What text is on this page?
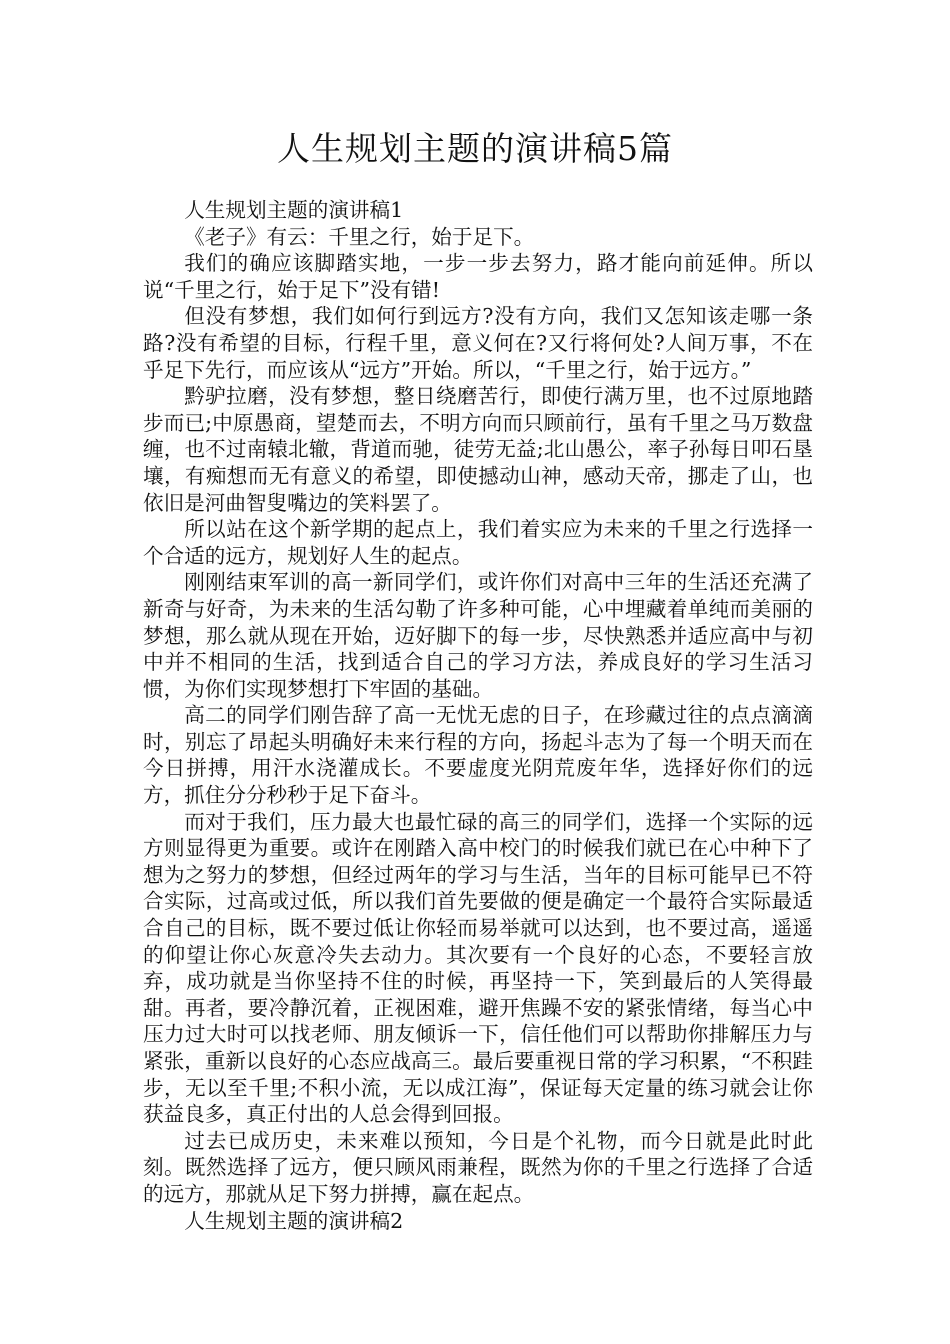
人生规划主题的演讲稿5篇

人生规划主题的演讲稿1

《老子》有云：千里之行，始于足下。

我们的确应该脚踏实地，一步一步去努力，路才能向前延伸。所以说“千里之行，始于足下”没有错!

但没有梦想，我们如何行到远方?没有方向，我们又怎知该走哪一条路?没有希望的目标，行程千里，意义何在?又行将何处?人间万事，不在乎足下先行，而应该从“远方”开始。所以，“千里之行，始于远方。”

黔驴拉磨，没有梦想，整日绕磨苦行，即使行满万里，也不过原地踏步而已;中原愚商，望楚而去，不明方向而只顾前行，虽有千里之马万数盘缠，也不过南辕北辙，背道而驰，徒劳无益;北山愚公，率子孙每日叩石垦壤，有痴想而无有意义的希望，即使撼动山神，感动天帝，挪走了山，也依旧是河曲智叟嘴边的笑料罢了。

所以站在这个新学期的起点上，我们着实应为未来的千里之行选择一个合适的远方，规划好人生的起点。

刚刚结束军训的高一新同学们，或许你们对高中三年的生活还充满了新奇与好奇，为未来的生活勾勒了许多种可能，心中埋藏着单纯而美丽的梦想，那么就从现在开始，迈好脚下的每一步，尽快熟悉并适应高中与初中并不相同的生活，找到适合自己的学习方法，养成良好的学习生活习惯，为你们实现梦想打下牢固的基础。

高二的同学们刚告辞了高一无忧无虑的日子，在珍藏过往的点点滴滴时，别忘了昂起头明确好未来行程的方向，扬起斗志为了每一个明天而在今日拼搏，用汗水浇灌成长。不要虚度光阴荒废年华，选择好你们的远方，抓住分分秒秒于足下奋斗。

而对于我们，压力最大也最忙碌的高三的同学们，选择一个实际的远方则显得更为重要。或许在刚踏入高中校门的时候我们就已在心中种下了想为之努力的梦想，但经过两年的学习与生活，当年的目标可能早已不符合实际，过高或过低，所以我们首先要做的便是确定一个最符合实际最适合自己的目标，既不要过低让你轻而易举就可以达到，也不要过高，遥遥的仰望让你心灰意冷失去动力。其次要有一个良好的心态，不要轻言放弃，成功就是当你坚持不住的时候，再坚持一下，笑到最后的人笑得最甜。再者，要冷静沉着，正视困难，避开焦躁不安的紧张情绪，每当心中压力过大时可以找老师、朋友倾诉一下，信任他们可以帮助你排解压力与紧张，重新以良好的心态应战高三。最后要重视日常的学习积累，“不积跬步，无以至千里;不积小流，无以成江海”，保证每天定量的练习就会让你获益良多，真正付出的人总会得到回报。

过去已成历史，未来难以预知，今日是个礼物，而今日就是此时此刻。既然选择了远方，便只顾风雨兼程，既然为你的千里之行选择了合适的远方，那就从足下努力拼搏，赢在起点。

人生规划主题的演讲稿2
